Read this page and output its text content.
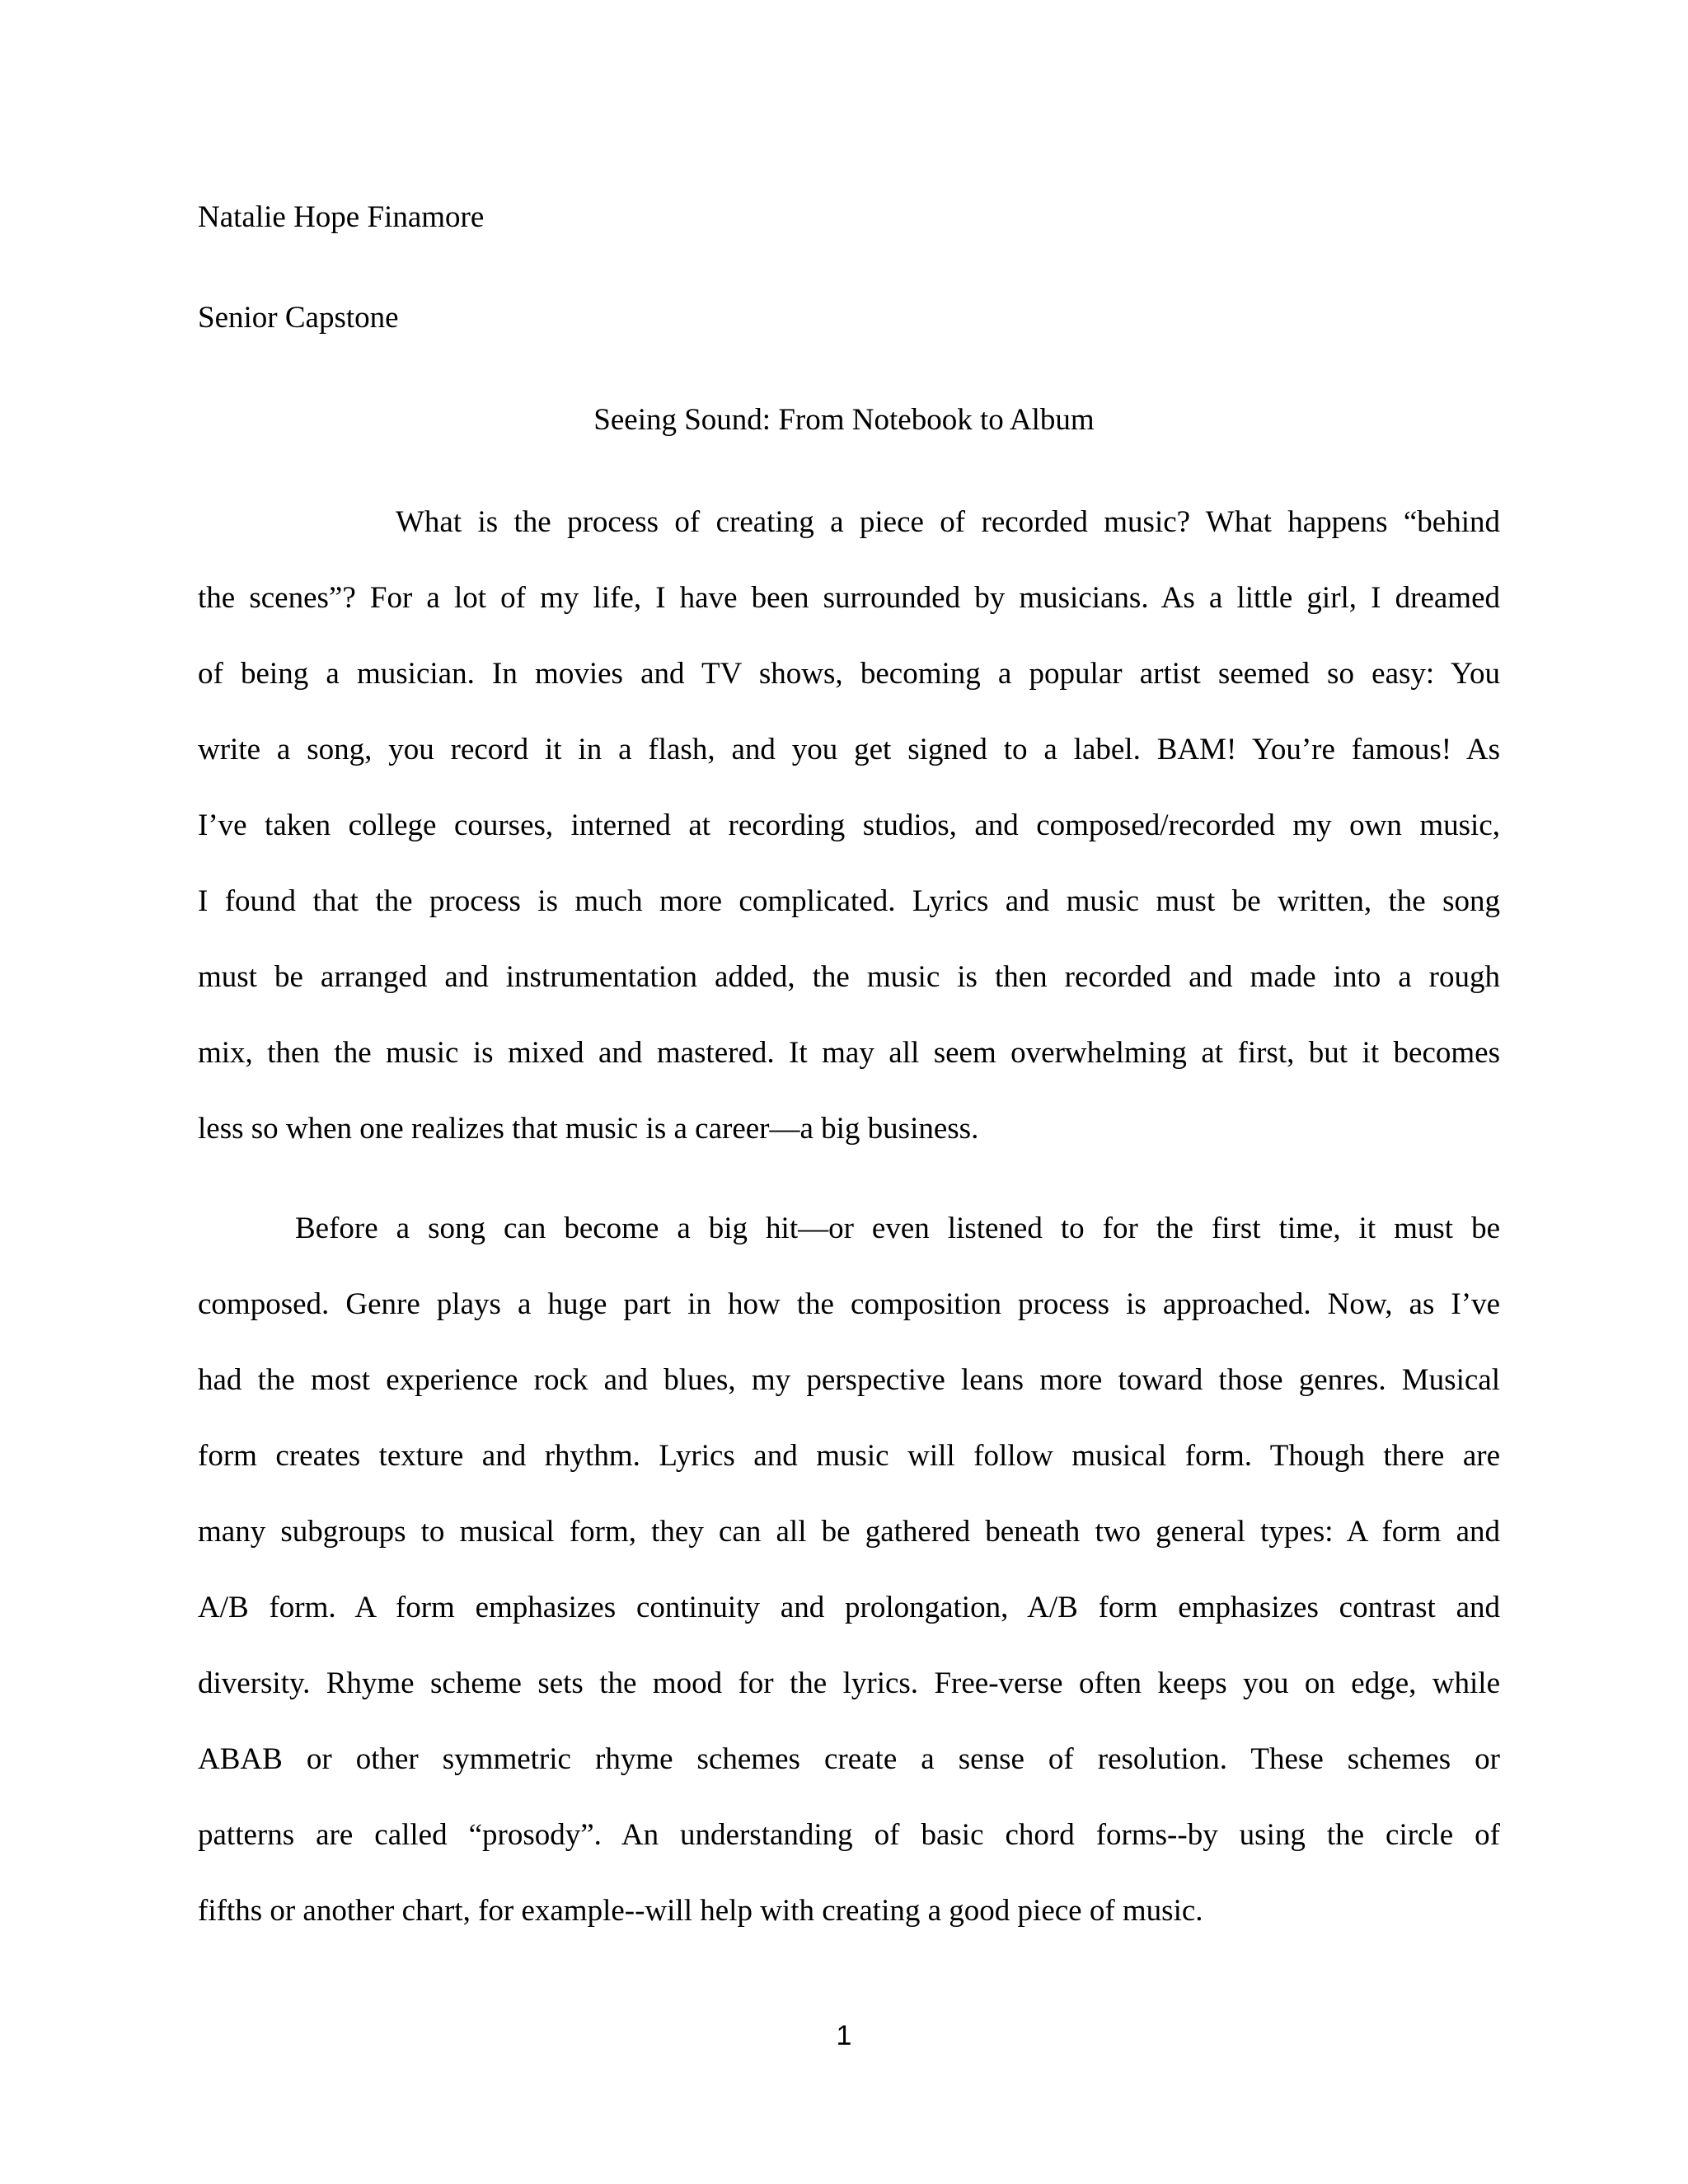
Natalie Hope Finamore
Senior Capstone
Seeing Sound: From Notebook to Album
What is the process of creating a piece of recorded music? What happens “behind
the scenes”? For a lot of my life, I have been surrounded by musicians. As a little girl, I dreamed
of being a musician. In movies and TV shows, becoming a popular artist seemed so easy: You
write a song, you record it in a flash, and you get signed to a label. BAM! You’re famous! As
I’ve taken college courses, interned at recording studios, and composed/recorded my own music,
I found that the process is much more complicated. Lyrics and music must be written, the song
must be arranged and instrumentation added, the music is then recorded and made into a rough
mix, then the music is mixed and mastered. It may all seem overwhelming at first, but it becomes
less so when one realizes that music is a career—a big business.
Before a song can become a big hit—or even listened to for the first time, it must be
composed. Genre plays a huge part in how the composition process is approached. Now, as I’ve
had the most experience rock and blues, my perspective leans more toward those genres. Musical
form creates texture and rhythm. Lyrics and music will follow musical form. Though there are
many subgroups to musical form, they can all be gathered beneath two general types: A form and
A/B form. A form emphasizes continuity and prolongation, A/B form emphasizes contrast and
diversity. Rhyme scheme sets the mood for the lyrics. Free-verse often keeps you on edge, while
ABAB or other symmetric rhyme schemes create a sense of resolution. These schemes or
patterns are called “prosody”. An understanding of basic chord forms--by using the circle of
fifths or another chart, for example--will help with creating a good piece of music.
1
